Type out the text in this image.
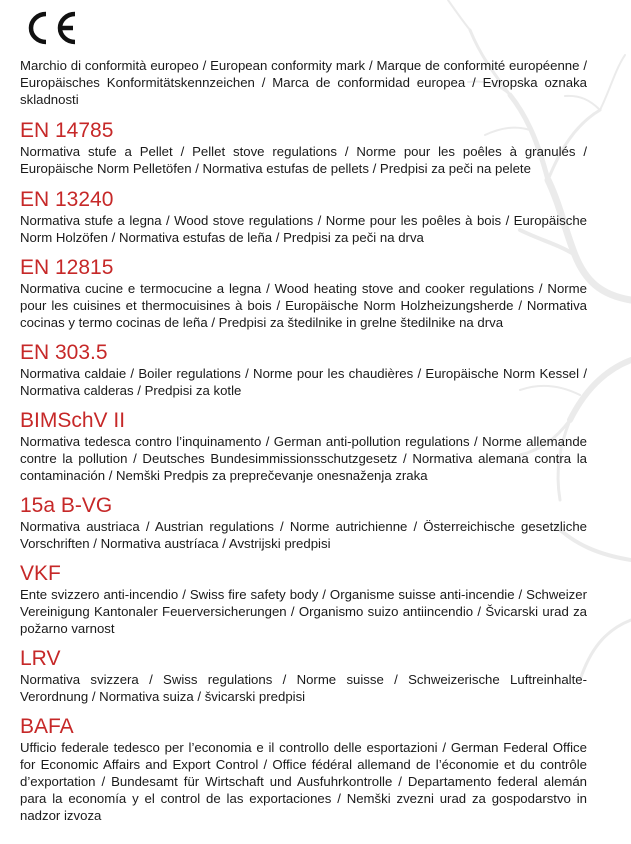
Marchio di conformità europeo / European conformity mark / Marque de conformité européenne / Europäisches Konformitätskennzeichen / Marca de conformidad europea / Evropska oznaka skladnosti
EN 14785
Normativa stufe a Pellet / Pellet stove regulations / Norme pour les poêles à granulés / Europäische Norm Pelletöfen / Normativa estufas de pellets / Predpisi za peči na pelete
EN 13240
Normativa stufe a legna / Wood stove regulations / Norme pour les poêles à bois / Europäische Norm Holzöfen / Normativa estufas de leña / Predpisi za peči na drva
EN 12815
Normativa cucine e termocucine a legna / Wood heating stove and cooker regulations / Norme pour les cuisines et thermocuisines à bois / Europäische Norm Holzheizungsherde / Normativa cocinas y termo cocinas de leña / Predpisi za štedilnike in grelne štedilnike na drva
EN 303.5
Normativa caldaie / Boiler regulations / Norme pour les chaudières / Europäische Norm Kessel / Normativa calderas / Predpisi za kotle
BIMSchV II
Normativa tedesca contro l’inquinamento / German anti-pollution regulations / Norme allemande contre la pollution / Deutsches Bundesimmissionsschutzgesetz / Normativa alemana contra la contaminación / Nemški Predpis za preprečevanje onesnaženja zraka
15a B-VG
Normativa austriaca / Austrian regulations / Norme autrichienne / Österreichische gesetzliche Vorschriften / Normativa austríaca / Avstrijski predpisi
VKF
Ente svizzero anti-incendio / Swiss fire safety body / Organisme suisse anti-incendie / Schweizer Vereinigung Kantonaler Feuerversicherungen / Organismo suizo antiincendio / Švicarski urad za požarno varnost
LRV
Normativa svizzera / Swiss regulations / Norme suisse / Schweizerische Luftreinhalte-Verordnung / Normativa suiza / švicarski predpisi
BAFA
Ufficio federale tedesco per l’economia e il controllo delle esportazioni / German Federal Office for Economic Affairs and Export Control / Office fédéral allemand de l’économie et du contrôle d’exportation / Bundesamt für Wirtschaft und Ausfuhrkontrolle / Departamento federal alemán para la economía y el control de las exportaciones / Nemški zvezni urad za gospodarstvo in nadzor izvoza
